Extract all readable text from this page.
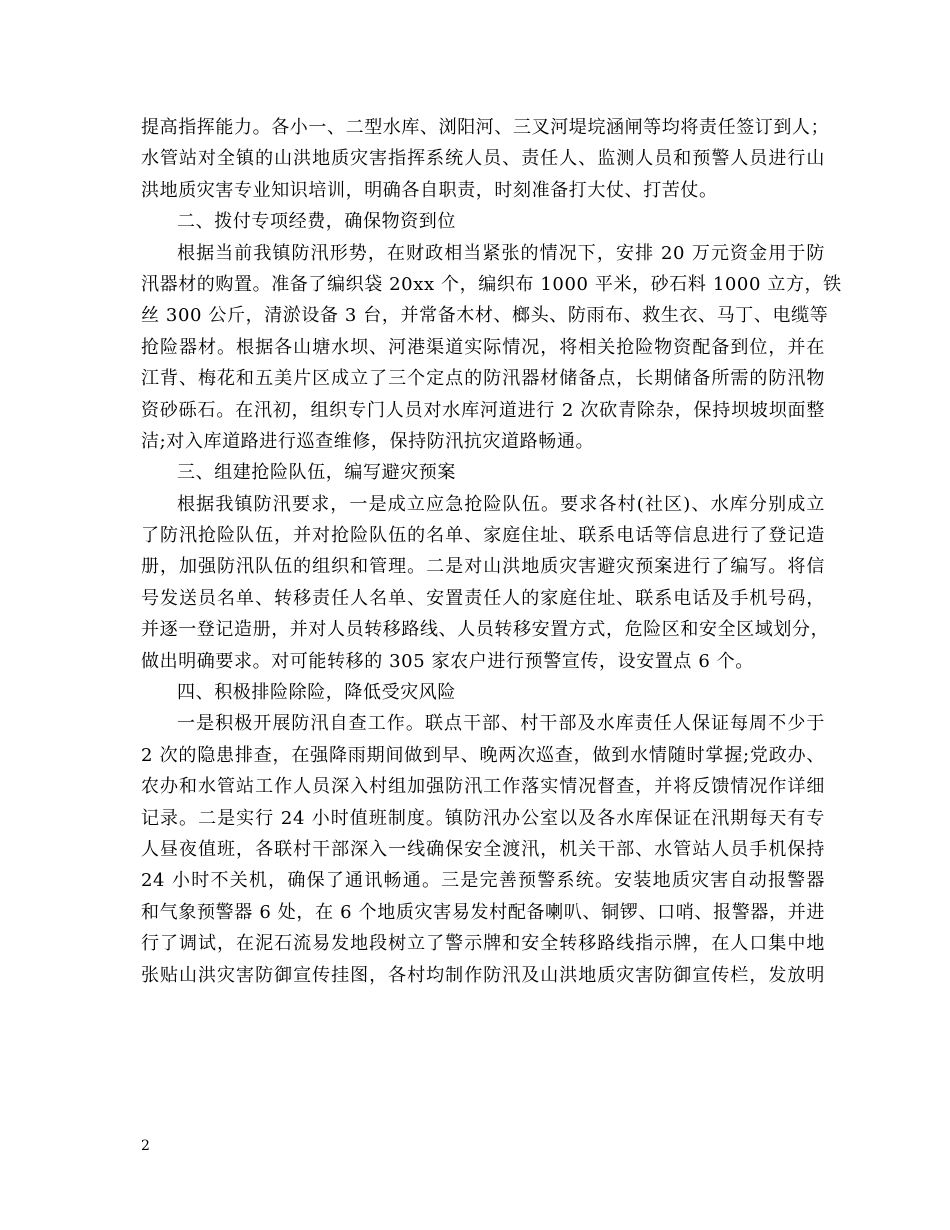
提高指挥能力。各小一、二型水库、浏阳河、三叉河堤垸涵闸等均将责任签订到人；
水管站对全镇的山洪地质灾害指挥系统人员、责任人、监测人员和预警人员进行山
洪地质灾害专业知识培训，明确各自职责，时刻准备打大仗、打苦仗。
二、拨付专项经费，确保物资到位
根据当前我镇防汛形势，在财政相当紧张的情况下，安排 20 万元资金用于防
汛器材的购置。准备了编织袋 20xx 个，编织布 1000 平米，砂石料 1000 立方，铁
丝 300 公斤，清淤设备 3 台，并常备木材、榔头、防雨布、救生衣、马丁、电缆等
抢险器材。根据各山塘水坝、河港渠道实际情况，将相关抢险物资配备到位，并在
江背、梅花和五美片区成立了三个定点的防汛器材储备点，长期储备所需的防汛物
资砂砾石。在汛初，组织专门人员对水库河道进行 2 次砍青除杂，保持坝坡坝面整
洁;对入库道路进行巡查维修，保持防汛抗灾道路畅通。
三、组建抢险队伍，编写避灾预案
根据我镇防汛要求，一是成立应急抢险队伍。要求各村(社区)、水库分别成立
了防汛抢险队伍，并对抢险队伍的名单、家庭住址、联系电话等信息进行了登记造
册，加强防汛队伍的组织和管理。二是对山洪地质灾害避灾预案进行了编写。将信
号发送员名单、转移责任人名单、安置责任人的家庭住址、联系电话及手机号码，
并逐一登记造册，并对人员转移路线、人员转移安置方式，危险区和安全区域划分，
做出明确要求。对可能转移的 305 家农户进行预警宣传，设安置点 6 个。
四、积极排险除险，降低受灾风险
一是积极开展防汛自查工作。联点干部、村干部及水库责任人保证每周不少于
2 次的隐患排查，在强降雨期间做到早、晚两次巡查，做到水情随时掌握;党政办、
农办和水管站工作人员深入村组加强防汛工作落实情况督查，并将反馈情况作详细
记录。二是实行 24 小时值班制度。镇防汛办公室以及各水库保证在汛期每天有专
人昼夜值班，各联村干部深入一线确保安全渡汛，机关干部、水管站人员手机保持
24 小时不关机，确保了通讯畅通。三是完善预警系统。安装地质灾害自动报警器
和气象预警器 6 处，在 6 个地质灾害易发村配备喇叭、铜锣、口哨、报警器，并进
行了调试，在泥石流易发地段树立了警示牌和安全转移路线指示牌，在人口集中地
张贴山洪灾害防御宣传挂图，各村均制作防汛及山洪地质灾害防御宣传栏，发放明
2
